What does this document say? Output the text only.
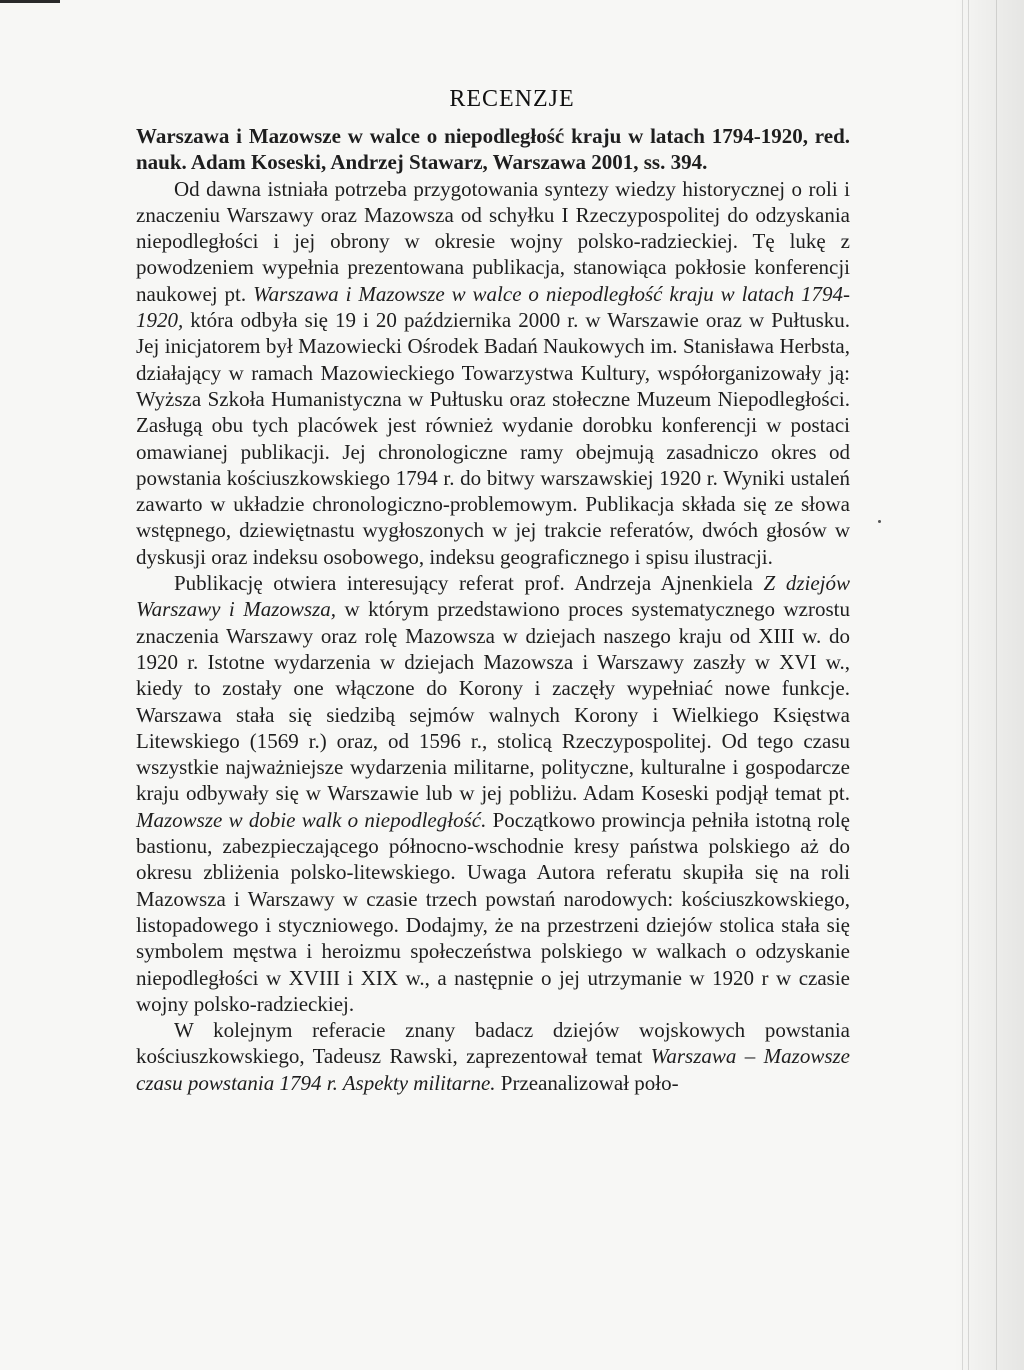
RECENZJE

Warszawa i Mazowsze w walce o niepodległość kraju w latach 1794-1920, red. nauk. Adam Koseski, Andrzej Stawarz, Warszawa 2001, ss. 394.

Od dawna istniała potrzeba przygotowania syntezy wiedzy historycznej o roli i znaczeniu Warszawy oraz Mazowsza od schyłku I Rzeczypospolitej do odzyskania niepodległości i jej obrony w okresie wojny polsko-radzieckiej. Tę lukę z powodzeniem wypełnia prezentowana publikacja, stanowiąca pokłosie konferencji naukowej pt. Warszawa i Mazowsze w walce o niepodległość kraju w latach 1794-1920, która odbyła się 19 i 20 października 2000 r. w Warszawie oraz w Pułtusku. Jej inicjatorem był Mazowiecki Ośrodek Badań Naukowych im. Stanisława Herbsta, działający w ramach Mazowieckiego Towarzystwa Kultury, współorganizowały ją: Wyższa Szkoła Humanistyczna w Pułtusku oraz stołeczne Muzeum Niepodległości. Zasługą obu tych placówek jest również wydanie dorobku konferencji w postaci omawianej publikacji. Jej chronologiczne ramy obejmują zasadniczo okres od powstania kościuszkowskiego 1794 r. do bitwy warszawskiej 1920 r. Wyniki ustaleń zawarto w układzie chronologiczno-problemowym. Publikacja składa się ze słowa wstępnego, dziewiętnastu wygłoszonych w jej trakcie referatów, dwóch głosów w dyskusji oraz indeksu osobowego, indeksu geograficznego i spisu ilustracji.

Publikację otwiera interesujący referat prof. Andrzeja Ajnenkiela Z dziejów Warszawy i Mazowsza, w którym przedstawiono proces systematycznego wzrostu znaczenia Warszawy oraz rolę Mazowsza w dziejach naszego kraju od XIII w. do 1920 r. Istotne wydarzenia w dziejach Mazowsza i Warszawy zaszły w XVI w., kiedy to zostały one włączone do Korony i zaczęły wypełniać nowe funkcje. Warszawa stała się siedzibą sejmów walnych Korony i Wielkiego Księstwa Litewskiego (1569 r.) oraz, od 1596 r., stolicą Rzeczypospolitej. Od tego czasu wszystkie najważniejsze wydarzenia militarne, polityczne, kulturalne i gospodarcze kraju odbywały się w Warszawie lub w jej pobliżu. Adam Koseski podjął temat pt. Mazowsze w dobie walk o niepodległość. Początkowo prowincja pełniła istotną rolę bastionu, zabezpieczającego północno-wschodnie kresy państwa polskiego aż do okresu zbliżenia polsko-litewskiego. Uwaga Autora referatu skupiła się na roli Mazowsza i Warszawy w czasie trzech powstań narodowych: kościuszkowskiego, listopadowego i styczniowego. Dodajmy, że na przestrzeni dziejów stolica stała się symbolem męstwa i heroizmu społeczeństwa polskiego w walkach o odzyskanie niepodległości w XVIII i XIX w., a następnie o jej utrzymanie w 1920 r w czasie wojny polsko-radzieckiej.

W kolejnym referacie znany badacz dziejów wojskowych powstania kościuszkowskiego, Tadeusz Rawski, zaprezentował temat Warszawa – Mazowsze czasu powstania 1794 r. Aspekty militarne. Przeanalizował poło-
